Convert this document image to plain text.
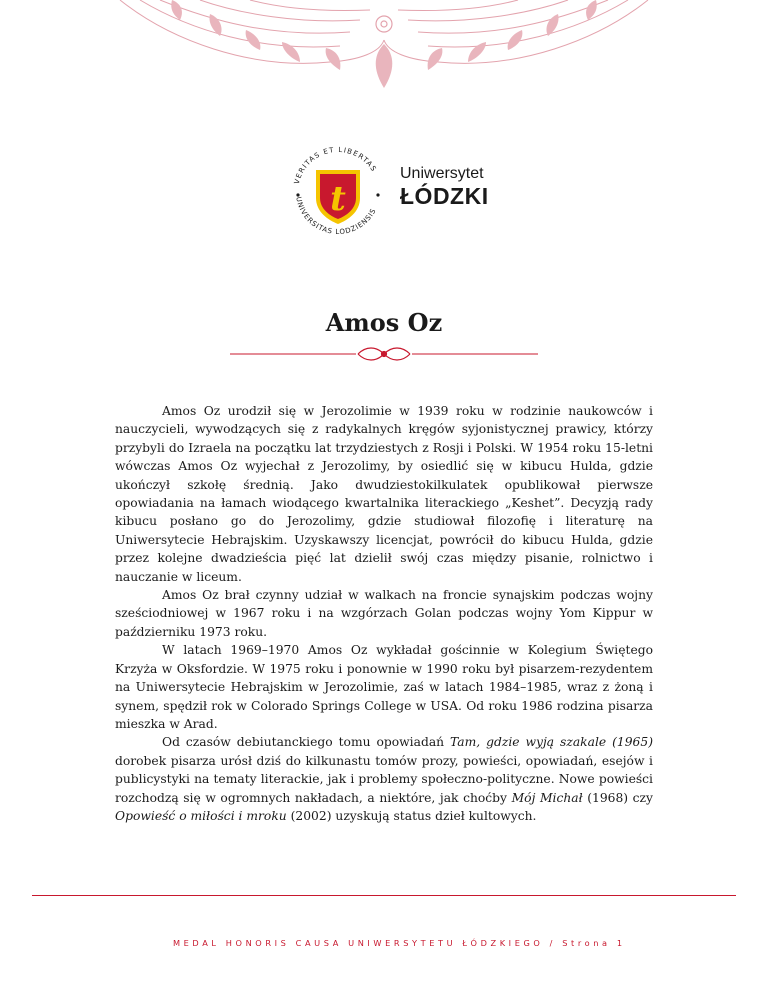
VERITAS ET LIBERTAS
UNIVERSITAS LODZIENSIS
t
Uniwersytet
ŁÓDZKI
Amos Oz

Amos Oz urodził się w Jerozolimie w 1939 roku w rodzinie naukowców i nauczycieli, wywodzących się z radykalnych kręgów syjonistycznej prawicy, którzy przybyli do Izraela na początku lat trzydziestych z Rosji i Polski. W 1954 roku 15-letni wówczas Amos Oz wyjechał z Jerozolimy, by osiedlić się w kibucu Hulda, gdzie ukończył szkołę średnią. Jako dwudziestokilkulatek opublikował pierwsze opowiadania na łamach wiodącego kwartalnika literackiego „Keshet”. Decyzją rady kibucu posłano go do Jerozolimy, gdzie studiował filozofię i literaturę na Uniwersytecie Hebrajskim. Uzyskawszy licencjat, powrócił do kibucu Hulda, gdzie przez kolejne dwadzieścia pięć lat dzielił swój czas między pisanie, rolnictwo i nauczanie w liceum.

Amos Oz brał czynny udział w walkach na froncie synajskim podczas wojny sześciodniowej w 1967 roku i na wzgórzach Golan podczas wojny Yom Kippur w październiku 1973 roku.

W latach 1969–1970 Amos Oz wykładał gościnnie w Kolegium Świętego Krzyża w Oksfordzie. W 1975 roku i ponownie w 1990 roku był pisarzem-rezydentem na Uniwersytecie Hebrajskim w Jerozolimie, zaś w latach 1984–1985, wraz z żoną i synem, spędził rok w Colorado Springs College w USA. Od roku 1986 rodzina pisarza mieszka w Arad.

Od czasów debiutanckiego tomu opowiadań Tam, gdzie wyją szakale (1965) dorobek pisarza urósł dziś do kilkunastu tomów prozy, powieści, opowiadań, esejów i publicystyki na tematy literackie, jak i problemy społeczno-polityczne. Nowe powieści rozchodzą się w ogromnych nakładach, a niektóre, jak choćby Mój Michał (1968) czy Opowieść o miłości i mroku (2002) uzyskują status dzieł kultowych.

MEDAL HONORIS CAUSA UNIWERSYTETU ŁÓDZKIEGO / Strona 1
